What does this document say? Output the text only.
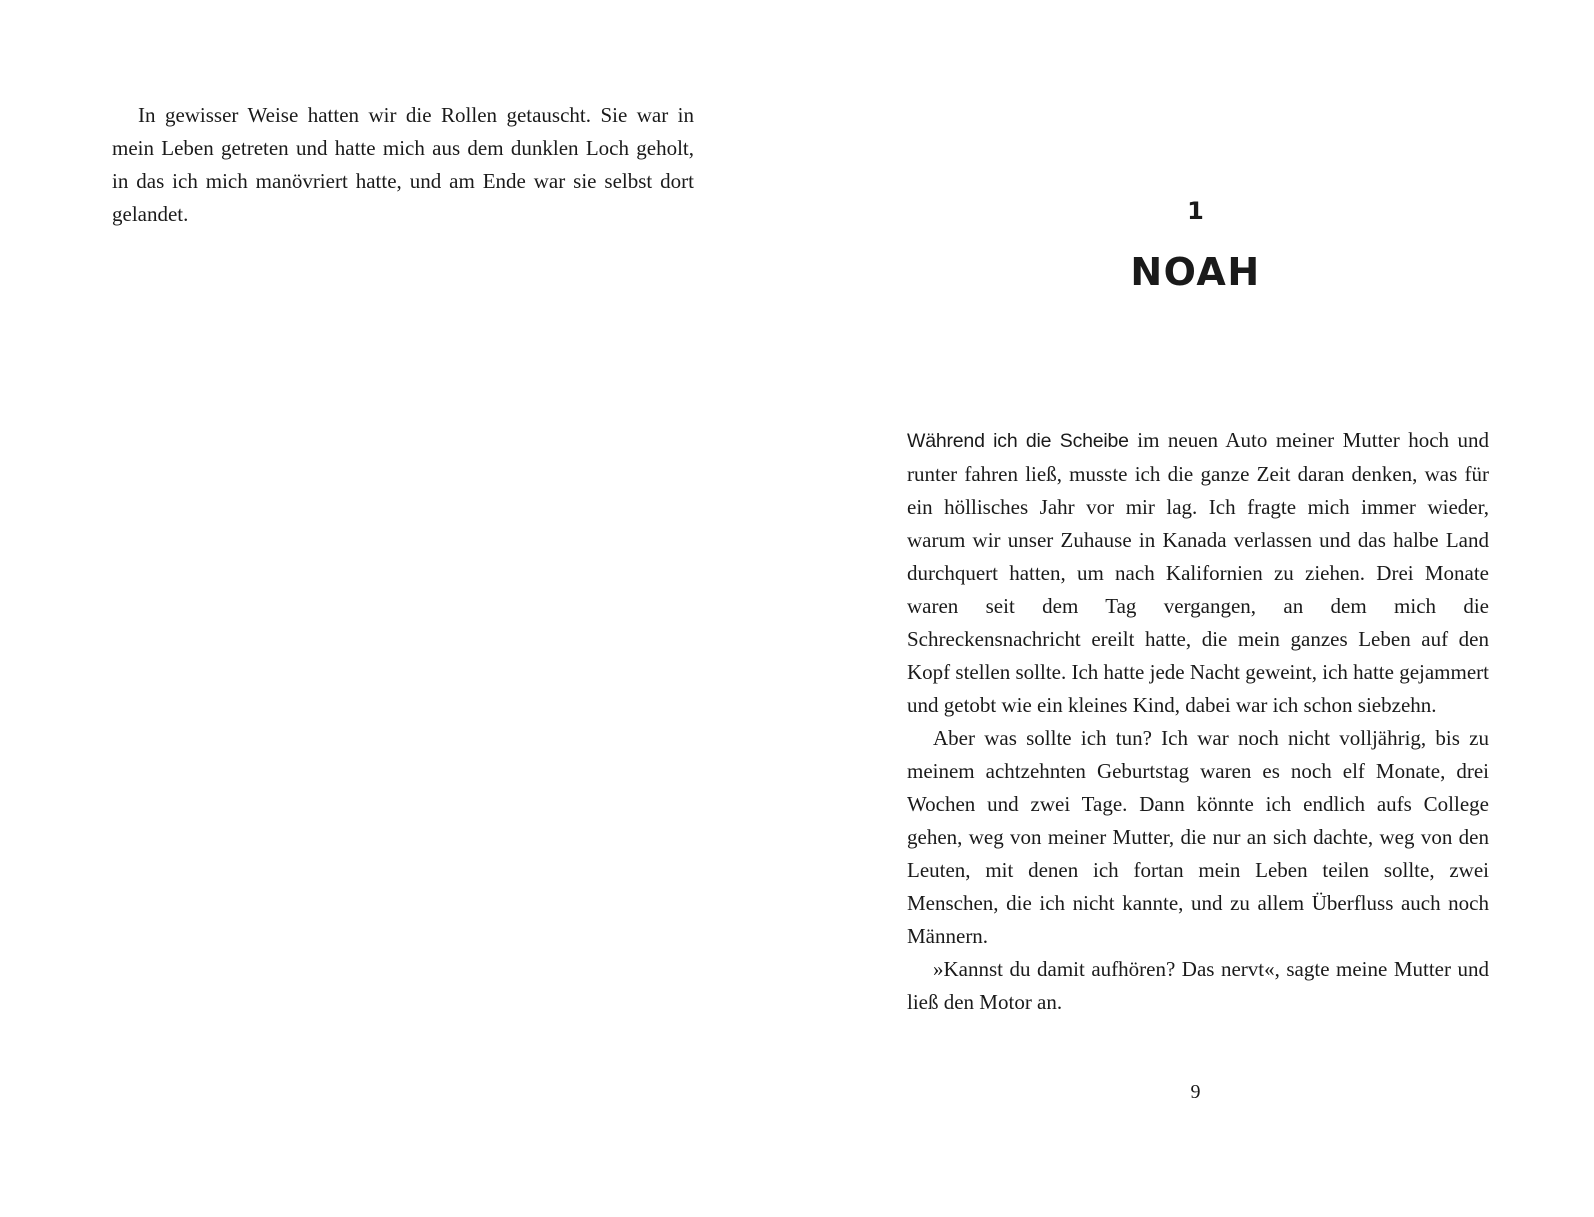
In gewisser Weise hatten wir die Rollen getauscht. Sie war in mein Leben getreten und hatte mich aus dem dunklen Loch geholt, in das ich mich manövriert hatte, und am Ende war sie selbst dort gelandet.	1
NOAH

Während ich die Scheibe im neuen Auto meiner Mutter hoch und runter fahren ließ, musste ich die ganze Zeit daran denken, was für ein höllisches Jahr vor mir lag. Ich fragte mich immer wieder, warum wir unser Zuhause in Kanada verlassen und das halbe Land durchquert hatten, um nach Kalifornien zu ziehen. Drei Monate waren seit dem Tag vergangen, an dem mich die Schreckensnachricht ereilt hatte, die mein ganzes Leben auf den Kopf stellen sollte. Ich hatte jede Nacht geweint, ich hatte gejammert und getobt wie ein kleines Kind, dabei war ich schon siebzehn.

Aber was sollte ich tun? Ich war noch nicht volljährig, bis zu meinem achtzehnten Geburtstag waren es noch elf Monate, drei Wochen und zwei Tage. Dann könnte ich endlich aufs College gehen, weg von meiner Mutter, die nur an sich dachte, weg von den Leuten, mit denen ich fortan mein Leben teilen sollte, zwei Menschen, die ich nicht kannte, und zu allem Überfluss auch noch Männern.

»Kannst du damit aufhören? Das nervt«, sagte meine Mutter und ließ den Motor an.

9
